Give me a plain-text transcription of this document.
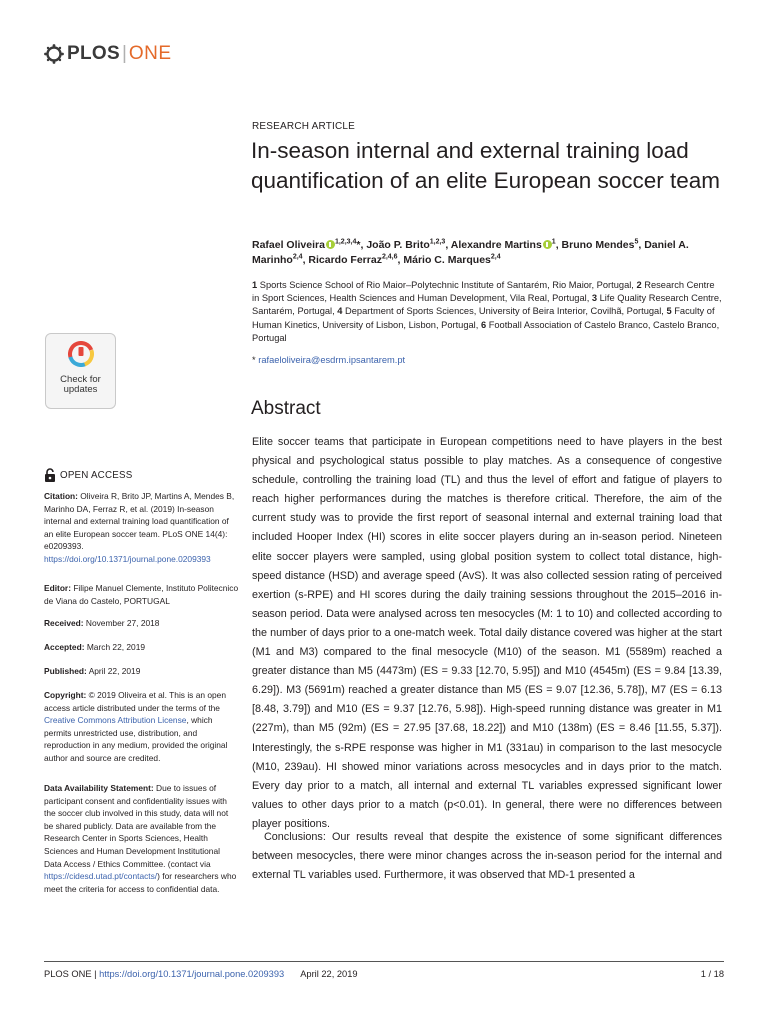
PLOS | ONE
RESEARCH ARTICLE
In-season internal and external training load quantification of an elite European soccer team
Rafael Oliveira $^{1,2,3,4}$*, João P. Brito$^{1,2,3}$, Alexandre Martins $^1$, Bruno Mendes$^5$, Daniel A. Marinho$^{2,4}$, Ricardo Ferraz$^{2,4,6}$, Mário C. Marques$^{2,4}$
1 Sports Science School of Rio Maior–Polytechnic Institute of Santarém, Rio Maior, Portugal, 2 Research Centre in Sport Sciences, Health Sciences and Human Development, Vila Real, Portugal, 3 Life Quality Research Centre, Santarém, Portugal, 4 Department of Sports Sciences, University of Beira Interior, Covilhã, Portugal, 5 Faculty of Human Kinetics, University of Lisbon, Lisbon, Portugal, 6 Football Association of Castelo Branco, Castelo Branco, Portugal
* rafaeloliveira@esdrm.ipsantarem.pt
Abstract

Elite soccer teams that participate in European competitions need to have players in the best physical and psychological status possible to play matches. As a consequence of congestive schedule, controlling the training load (TL) and thus the level of effort and fatigue of players to reach higher performances during the matches is therefore critical. Therefore, the aim of the current study was to provide the first report of seasonal internal and external training load that included Hooper Index (HI) scores in elite soccer players during an in-season period. Nineteen elite soccer players were sampled, using global position system to collect total distance, high-speed distance (HSD) and average speed (AvS). It was also collected session rating of perceived exertion (s-RPE) and HI scores during the daily training sessions throughout the 2015–2016 in-season period. Data were analysed across ten mesocycles (M: 1 to 10) and collected according to the number of days prior to a one-match week. Total daily distance covered was higher at the start (M1 and M3) compared to the final mesocycle (M10) of the season. M1 (5589m) reached a greater distance than M5 (4473m) (ES = 9.33 [12.70, 5.95]) and M10 (4545m) (ES = 9.84 [13.39, 6.29]). M3 (5691m) reached a greater distance than M5 (ES = 9.07 [12.36, 5.78]), M7 (ES = 6.13 [8.48, 3.79]) and M10 (ES = 9.37 [12.76, 5.98]). High-speed running distance was greater in M1 (227m), than M5 (92m) (ES = 27.95 [37.68, 18.22]) and M10 (138m) (ES = 8.46 [11.55, 5.37]). Interestingly, the s-RPE response was higher in M1 (331au) in comparison to the last mesocycle (M10, 239au). HI showed minor variations across mesocycles and in days prior to the match. Every day prior to a match, all internal and external TL variables expressed significant lower values to other days prior to a match (p<0.01). In general, there were no differences between player positions.

Conclusions: Our results reveal that despite the existence of some significant differences between mesocycles, there were minor changes across the in-season period for the internal and external TL variables used. Furthermore, it was observed that MD-1 presented a

Check for
updates
OPEN ACCESS
Citation: Oliveira R, Brito JP, Martins A, Mendes B, Marinho DA, Ferraz R, et al. (2019) In-season internal and external training load quantification of an elite European soccer team. PLoS ONE 14(4): e0209393. https://doi.org/10.1371/journal.pone.0209393
Editor: Filipe Manuel Clemente, Instituto Politecnico de Viana do Castelo, PORTUGAL
Received: November 27, 2018
Accepted: March 22, 2019
Published: April 22, 2019
Copyright: © 2019 Oliveira et al. This is an open access article distributed under the terms of the Creative Commons Attribution License, which permits unrestricted use, distribution, and reproduction in any medium, provided the original author and source are credited.
Data Availability Statement: Due to issues of participant consent and confidentiality issues with the soccer club involved in this study, data will not be shared publicly. Data are available from the Research Center in Sports Sciences, Health Sciences and Human Development Institutional Data Access / Ethics Committee. (contact via https://cidesd.utad.pt/contacts/) for researchers who meet the criteria for access to confidential data.
PLOS ONE | https://doi.org/10.1371/journal.pone.0209393 April 22, 2019	1 / 18
